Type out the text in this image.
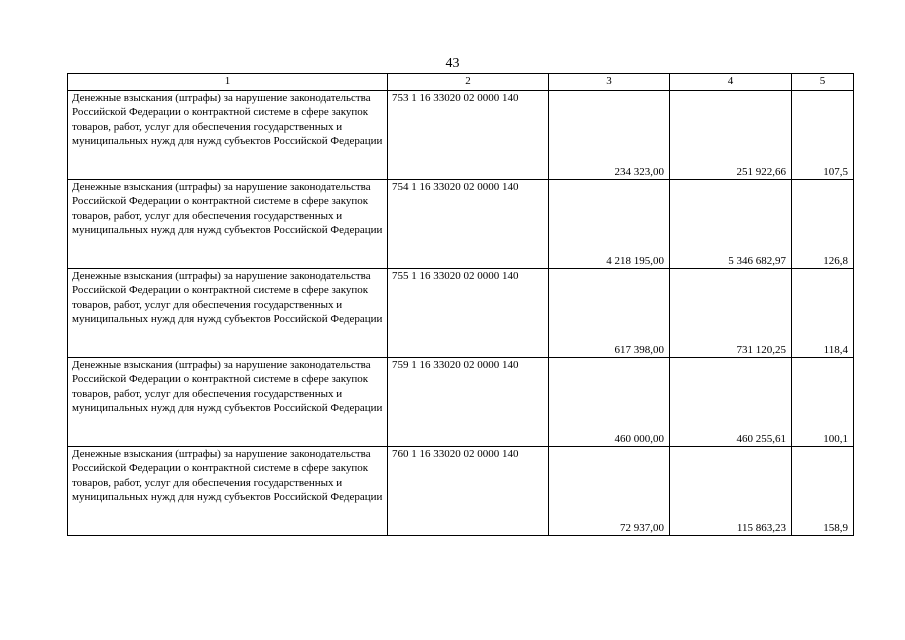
43
1	2	3	4	5
Денежные взыскания (штрафы) за нарушение законодательства Российской Федерации о контрактной системе в сфере закупок товаров, работ, услуг для обеспечения государственных и муниципальных нужд для нужд субъектов Российской Федерации	753 1 16 33020 02 0000 140	234 323,00	251 922,66	107,5
Денежные взыскания (штрафы) за нарушение законодательства Российской Федерации о контрактной системе в сфере закупок товаров, работ, услуг для обеспечения государственных и муниципальных нужд для нужд субъектов Российской Федерации	754 1 16 33020 02 0000 140	4 218 195,00	5 346 682,97	126,8
Денежные взыскания (штрафы) за нарушение законодательства Российской Федерации о контрактной системе в сфере закупок товаров, работ, услуг для обеспечения государственных и муниципальных нужд для нужд субъектов Российской Федерации	755 1 16 33020 02 0000 140	617 398,00	731 120,25	118,4
Денежные взыскания (штрафы) за нарушение законодательства Российской Федерации о контрактной системе в сфере закупок товаров, работ, услуг для обеспечения государственных и муниципальных нужд для нужд субъектов Российской Федерации	759 1 16 33020 02 0000 140	460 000,00	460 255,61	100,1
Денежные взыскания (штрафы) за нарушение законодательства Российской Федерации о контрактной системе в сфере закупок товаров, работ, услуг для обеспечения государственных и муниципальных нужд для нужд субъектов Российской Федерации	760 1 16 33020 02 0000 140	72 937,00	115 863,23	158,9
